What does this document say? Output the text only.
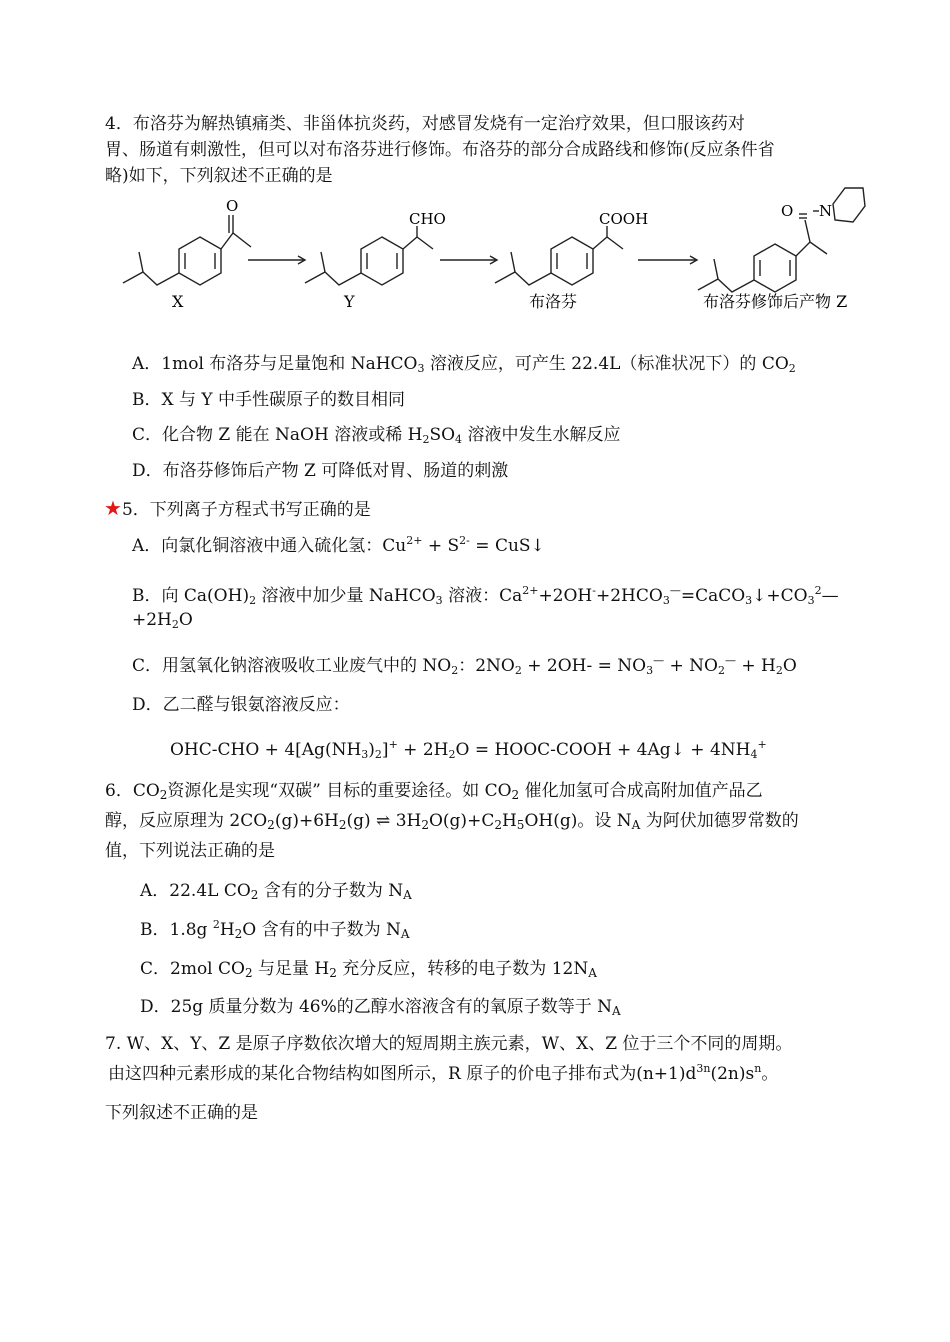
4．布洛芬为解热镇痛类、非甾体抗炎药，对感冒发烧有一定治疗效果，但口服该药对
胃、肠道有刺激性，但可以对布洛芬进行修饰。布洛芬的部分合成路线和修饰(反应条件省
略)如下，下列叙述不正确的是
O
CHO	COOH	O N
X	Y	布洛芬	布洛芬修饰后产物 Z
A．1mol 布洛芬与足量饱和 NaHCO$_3$ 溶液反应，可产生 22.4L（标准状况下）的 $CO_2$
B．X 与 Y 中手性碳原子的数目相同
C．化合物 Z 能在 NaOH 溶液或稀 $H_2SO_4$ 溶液中发生水解反应
D．布洛芬修饰后产物 Z 可降低对胃、肠道的刺激
★5．下列离子方程式书写正确的是
A．向氯化铜溶液中通入硫化氢：$Cu^{2+} + S^{2-}$ = CuS↓
B．向 $Ca(OH)_2$ 溶液中加少量 NaHCO$_3$ 溶液：$Ca^{2+}+2OH^-+2HCO_3^—=CaCO_3↓+CO_3^2—$
$+2H_2O$
C．用氢氧化钠溶液吸收工业废气中的 $NO_2$：$2NO_2 + 2OH- = NO_3^— + NO_2^— + H_2O$
D．乙二醛与银氨溶液反应：
$OHC-CHO + 4[Ag(NH_3)_2]^+ + 2H_2O$ = HOOC-COOH + 4Ag↓ + $4NH_4^+$
6．$CO_2$资源化是实现“双碳” 目标的重要途径。如 $CO_2$ 催化加氢可合成高附加值产品乙
醇，反应原理为 $2CO_2(g)+6H_2(g)$ ⇌ $3H_2O(g)+C_2H_5OH(g)$。设 $N_A$ 为阿伏加德罗常数的
值，下列说法正确的是
A．22.4L $CO_2$ 含有的分子数为 $N_A$
B．1.8g $^2H_2O$ 含有的中子数为 $N_A$
C．2mol $CO_2$ 与足量 $H_2$ 充分反应，转移的电子数为 $12N_A$
D．25g 质量分数为 46%的乙醇水溶液含有的氧原子数等于 $N_A$
7. W、X、Y、Z 是原子序数依次增大的短周期主族元素，W、X、Z 位于三个不同的周期。
由这四种元素形成的某化合物结构如图所示，R 原子的价电子排布式为$(n+1)d^{3n}(2n)s^n$。
下列叙述不正确的是
